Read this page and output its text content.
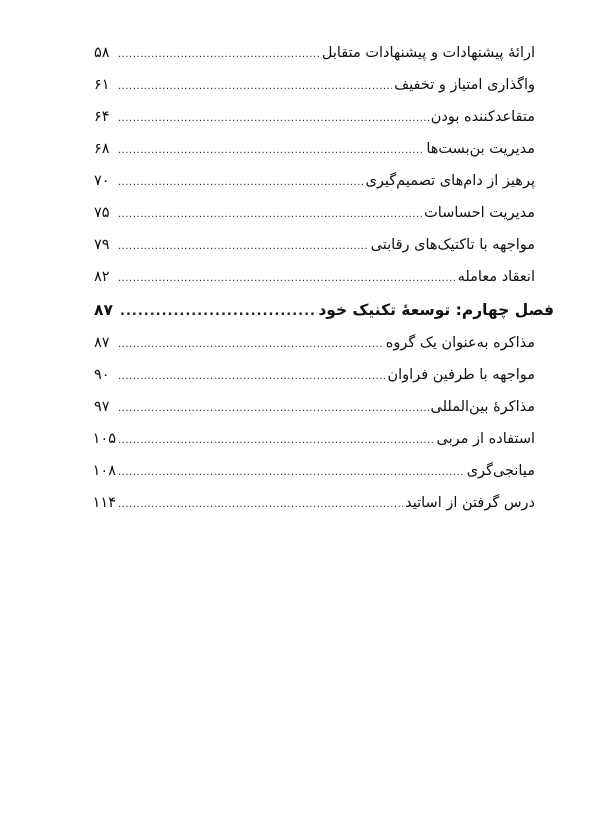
ارائهٔ پیشنهادات و پیشنهادات متقابل
.....
۵۸
واگذاری امتیاز و تخفیف
.....
۶۱
متقاعدکننده بودن
.....
۶۴
مدیریت بن‌بست‌ها
.....
۶۸
پرهیز از دام‌های تصمیم‌گیری
.....
۷۰
مدیریت احساسات
.....
۷۵
مواجهه با تاکتیک‌های رقابتی
.....
۷۹
انعقاد معامله
.....
۸۲
فصل چهارم: توسعهٔ تکنیک خود
.....
۸۷
مذاکره به‌عنوان یک گروه
.....
۸۷
مواجهه با طرفین فراوان
.....
۹۰
مذاکرهٔ بین‌المللی
.....
۹۷
استفاده از مربی
.....
۱۰۵
میانجی‌گری
.....
۱۰۸
درس گرفتن از اساتید
.....
۱۱۴
